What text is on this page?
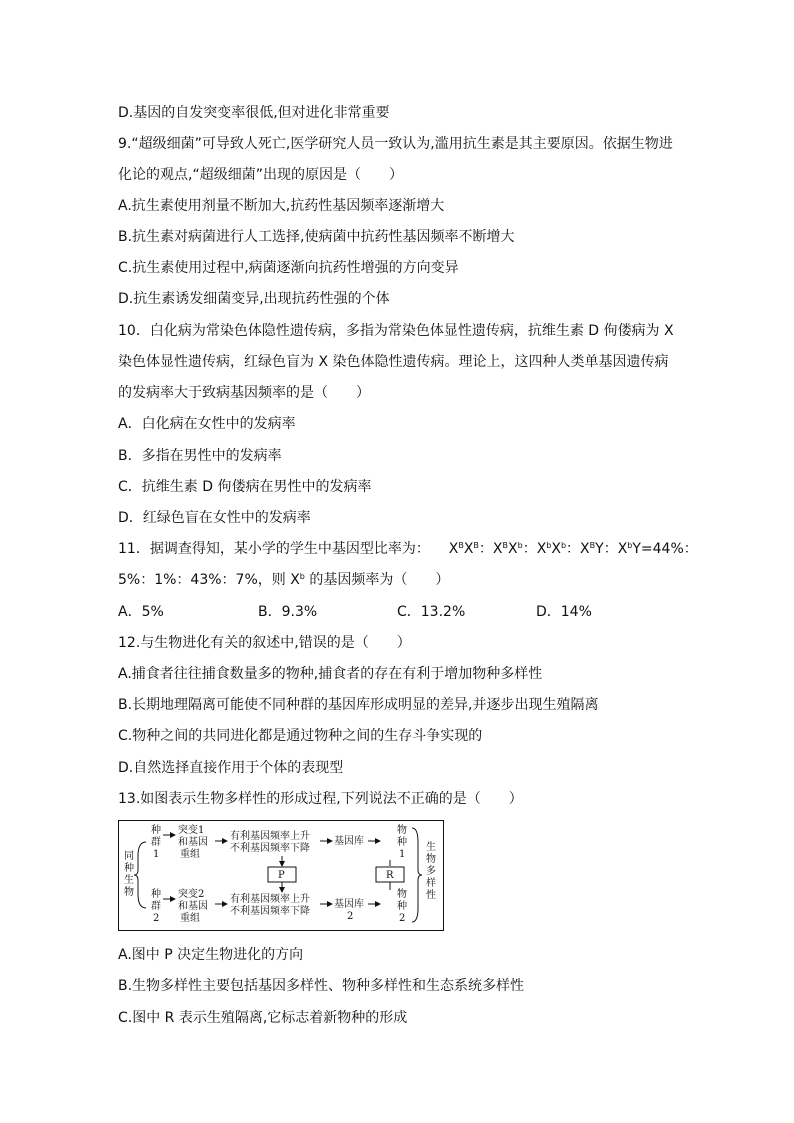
D.基因的自发突变率很低,但对进化非常重要
9.“超级细菌”可导致人死亡,医学研究人员一致认为,滥用抗生素是其主要原因。依据生物进
化论的观点,“超级细菌”出现的原因是（　　）
A.抗生素使用剂量不断加大,抗药性基因频率逐渐增大
B.抗生素对病菌进行人工选择,使病菌中抗药性基因频率不断增大
C.抗生素使用过程中,病菌逐渐向抗药性增强的方向变异
D.抗生素诱发细菌变异,出现抗药性强的个体
10．白化病为常染色体隐性遗传病，多指为常染色体显性遗传病，抗维生素 D 佝偻病为 X
染色体显性遗传病，红绿色盲为 X 染色体隐性遗传病。理论上，这四种人类单基因遗传病
的发病率大于致病基因频率的是（　　）
A．白化病在女性中的发病率
B．多指在男性中的发病率
C．抗维生素 D 佝偻病在男性中的发病率
D．红绿色盲在女性中的发病率
11．据调查得知，某小学的学生中基因型比率为： $X^BX^B$：$X^BX^b$：$X^bX^b$：$X^BY$：$X^bY=44\%$：
5%：1%：43%：7%，则 $X^b$ 的基因频率为（　　）
A．5%	B．9.3%	C．13.2%	D．14%
12.与生物进化有关的叙述中,错误的是（　　）
A.捕食者往往捕食数量多的物种,捕食者的存在有利于增加物种多样性
B.长期地理隔离可能使不同种群的基因库形成明显的差异,并逐步出现生殖隔离
C.物种之间的共同进化都是通过物种之间的生存斗争实现的
D.自然选择直接作用于个体的表现型
13.如图表示生物多样性的形成过程,下列说法不正确的是（　　）
同
种
生
物
种
群
1
突变1
和基因
重组
有利基因频率上升
不利基因频率下降
基因库
物
种
1
P	R
种
群
2
突变2
和基因
重组
有利基因频率上升
不利基因频率下降
基因库
2
物
种
2
生
物
多
样
性
A.图中 P 决定生物进化的方向
B.生物多样性主要包括基因多样性、物种多样性和生态系统多样性
C.图中 R 表示生殖隔离,它标志着新物种的形成
